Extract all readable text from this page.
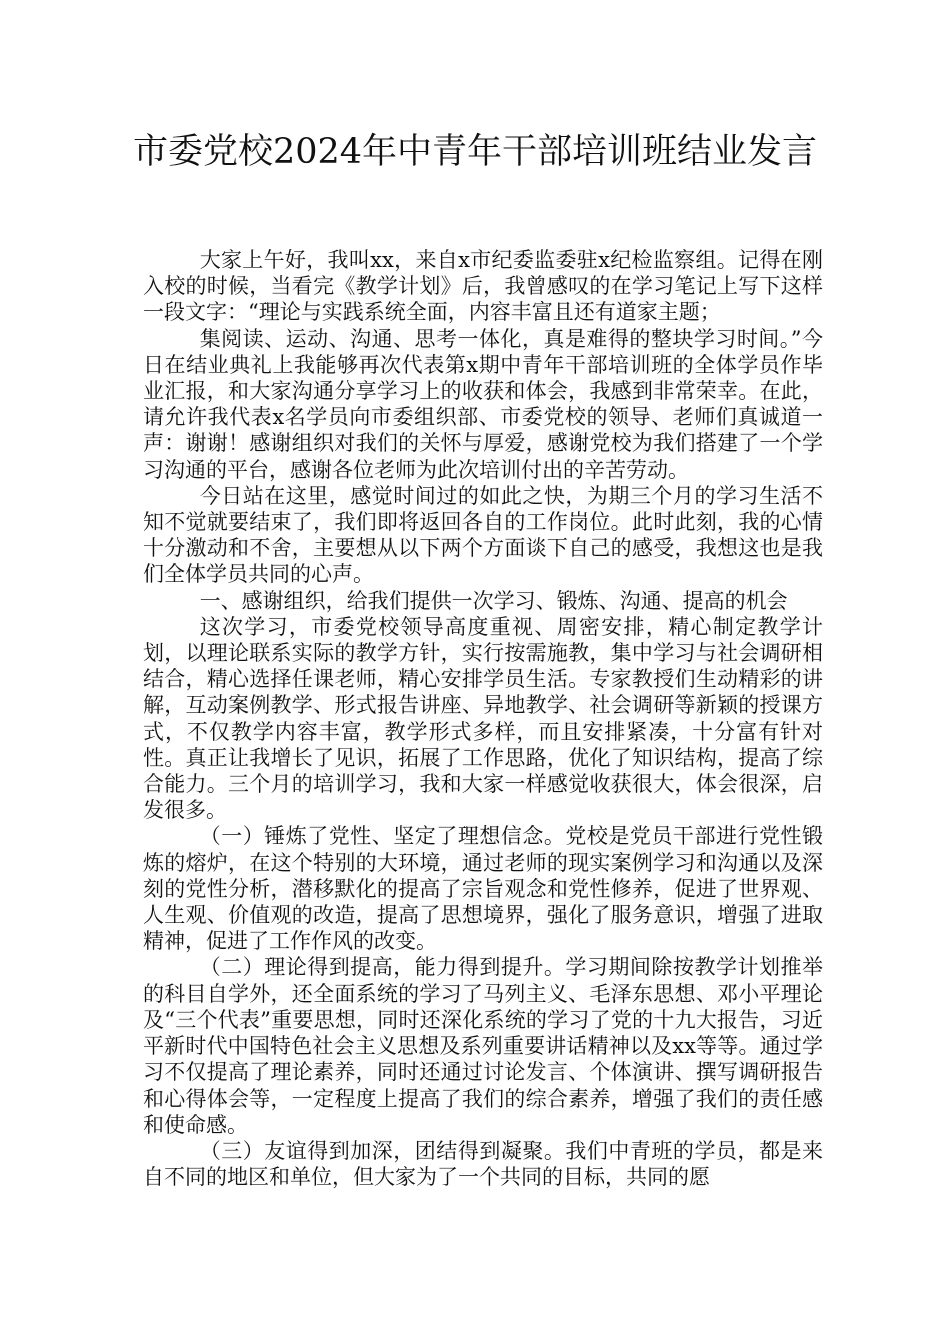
市委党校2024年中青年干部培训班结业发言

大家上午好，我叫xx，来自x市纪委监委驻x纪检监察组。记得在刚入校的时候，当看完《教学计划》后，我曾感叹的在学习笔记上写下这样一段文字：“理论与实践系统全面，内容丰富且还有道家主题；

集阅读、运动、沟通、思考一体化，真是难得的整块学习时间。”今日在结业典礼上我能够再次代表第x期中青年干部培训班的全体学员作毕业汇报，和大家沟通分享学习上的收获和体会，我感到非常荣幸。在此，请允许我代表x名学员向市委组织部、市委党校的领导、老师们真诚道一声：谢谢！感谢组织对我们的关怀与厚爱，感谢党校为我们搭建了一个学习沟通的平台，感谢各位老师为此次培训付出的辛苦劳动。

今日站在这里，感觉时间过的如此之快，为期三个月的学习生活不知不觉就要结束了，我们即将返回各自的工作岗位。此时此刻，我的心情十分激动和不舍，主要想从以下两个方面谈下自己的感受，我想这也是我们全体学员共同的心声。

一、感谢组织，给我们提供一次学习、锻炼、沟通、提高的机会

这次学习，市委党校领导高度重视、周密安排，精心制定教学计划，以理论联系实际的教学方针，实行按需施教，集中学习与社会调研相结合，精心选择任课老师，精心安排学员生活。专家教授们生动精彩的讲解，互动案例教学、形式报告讲座、异地教学、社会调研等新颖的授课方式，不仅教学内容丰富，教学形式多样，而且安排紧凑，十分富有针对性。真正让我增长了见识，拓展了工作思路，优化了知识结构，提高了综合能力。三个月的培训学习，我和大家一样感觉收获很大，体会很深，启发很多。

（一）锤炼了党性、坚定了理想信念。党校是党员干部进行党性锻炼的熔炉，在这个特别的大环境，通过老师的现实案例学习和沟通以及深刻的党性分析，潜移默化的提高了宗旨观念和党性修养，促进了世界观、人生观、价值观的改造，提高了思想境界，强化了服务意识，增强了进取精神，促进了工作作风的改变。

（二）理论得到提高，能力得到提升。学习期间除按教学计划推举的科目自学外，还全面系统的学习了马列主义、毛泽东思想、邓小平理论及“三个代表”重要思想，同时还深化系统的学习了党的十九大报告，习近平新时代中国特色社会主义思想及系列重要讲话精神以及xx等等。通过学习不仅提高了理论素养，同时还通过讨论发言、个体演讲、撰写调研报告和心得体会等，一定程度上提高了我们的综合素养，增强了我们的责任感和使命感。

（三）友谊得到加深，团结得到凝聚。我们中青班的学员，都是来自不同的地区和单位，但大家为了一个共同的目标，共同的愿
